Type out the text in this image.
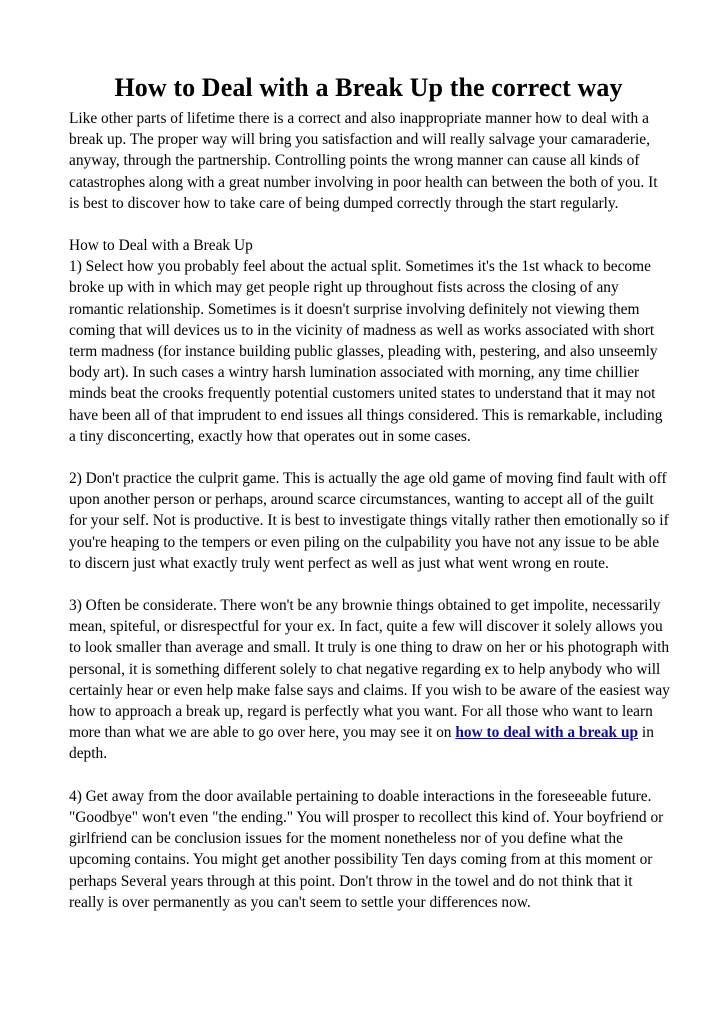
How to Deal with a Break Up the correct way

Like other parts of lifetime there is a correct and also inappropriate manner how to deal with a break up. The proper way will bring you satisfaction and will really salvage your camaraderie, anyway, through the partnership. Controlling points the wrong manner can cause all kinds of catastrophes along with a great number involving in poor health can between the both of you. It is best to discover how to take care of being dumped correctly through the start regularly.

How to Deal with a Break Up

1) Select how you probably feel about the actual split. Sometimes it's the 1st whack to become broke up with in which may get people right up throughout fists across the closing of any romantic relationship. Sometimes is it doesn't surprise involving definitely not viewing them coming that will devices us to in the vicinity of madness as well as works associated with short term madness (for instance building public glasses, pleading with, pestering, and also unseemly body art). In such cases a wintry harsh lumination associated with morning, any time chillier minds beat the crooks frequently potential customers united states to understand that it may not have been all of that imprudent to end issues all things considered. This is remarkable, including a tiny disconcerting, exactly how that operates out in some cases.

2) Don't practice the culprit game. This is actually the age old game of moving find fault with off upon another person or perhaps, around scarce circumstances, wanting to accept all of the guilt for your self. Not is productive. It is best to investigate things vitally rather then emotionally so if you're heaping to the tempers or even piling on the culpability you have not any issue to be able to discern just what exactly truly went perfect as well as just what went wrong en route.

3) Often be considerate. There won't be any brownie things obtained to get impolite, necessarily mean, spiteful, or disrespectful for your ex. In fact, quite a few will discover it solely allows you to look smaller than average and small. It truly is one thing to draw on her or his photograph with personal, it is something different solely to chat negative regarding ex to help anybody who will certainly hear or even help make false says and claims. If you wish to be aware of the easiest way how to approach a break up, regard is perfectly what you want. For all those who want to learn more than what we are able to go over here, you may see it on how to deal with a break up in depth.

4) Get away from the door available pertaining to doable interactions in the foreseeable future. "Goodbye" won't even "the ending." You will prosper to recollect this kind of. Your boyfriend or girlfriend can be conclusion issues for the moment nonetheless nor of you define what the upcoming contains. You might get another possibility Ten days coming from at this moment or perhaps Several years through at this point. Don't throw in the towel and do not think that it really is over permanently as you can't seem to settle your differences now.
